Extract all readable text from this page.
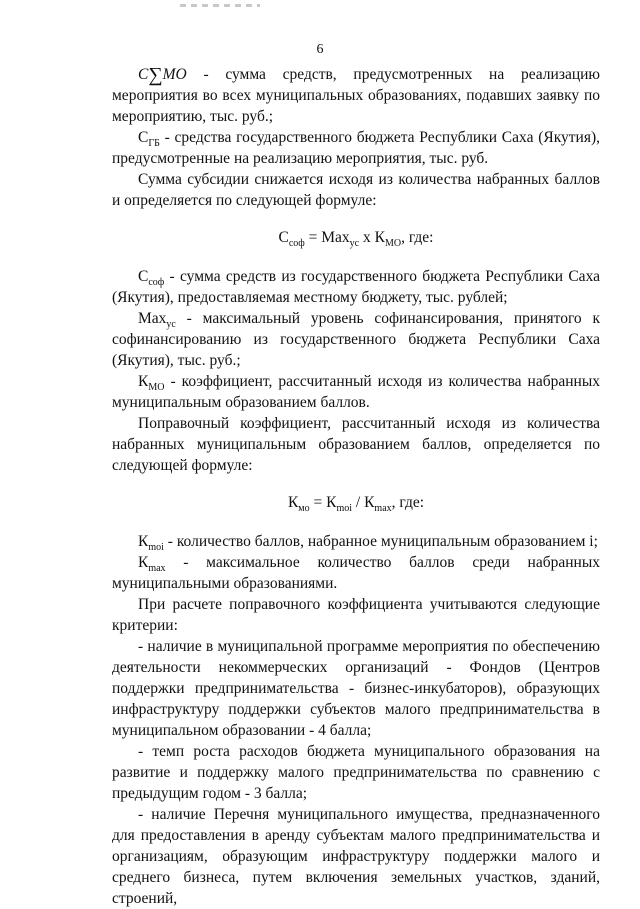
6

C∑MO - сумма средств, предусмотренных на реализацию мероприятия во всех муниципальных образованиях, подавших заявку по мероприятию, тыс. руб.;

$С_{ГБ}$ - средства государственного бюджета Республики Саха (Якутия), предусмотренные на реализацию мероприятия, тыс. руб.

Сумма субсидии снижается исходя из количества набранных баллов и определяется по следующей формуле:

$С_{соф} = Max_{ус}$ x $К_{МО}$, где:

$С_{соф}$ - сумма средств из государственного бюджета Республики Саха (Якутия), предоставляемая местному бюджету, тыс. рублей;

Max$_{ус}$ - максимальный уровень софинансирования, принятого к софинансированию из государственного бюджета Республики Саха (Якутия), тыс. руб.;

$К_{МО}$ - коэффициент, рассчитанный исходя из количества набранных муниципальным образованием баллов.

Поправочный коэффициент, рассчитанный исходя из количества набранных муниципальным образованием баллов, определяется по следующей формуле:

$К_{мо} = К_{moi} / К_{max}$, где:

$К_{moi}$ - количество баллов, набранное муниципальным образованием i;

$К_{max}$ - максимальное количество баллов среди набранных муниципальными образованиями.

При расчете поправочного коэффициента учитываются следующие критерии:

- наличие в муниципальной программе мероприятия по обеспечению деятельности некоммерческих организаций - Фондов (Центров поддержки предпринимательства - бизнес-инкубаторов), образующих инфраструктуру поддержки субъектов малого предпринимательства в муниципальном образовании - 4 балла;

- темп роста расходов бюджета муниципального образования на развитие и поддержку малого предпринимательства по сравнению с предыдущим годом - 3 балла;

- наличие Перечня муниципального имущества, предназначенного для предоставления в аренду субъектам малого предпринимательства и организациям, образующим инфраструктуру поддержки малого и среднего бизнеса, путем включения земельных участков, зданий, строений,
